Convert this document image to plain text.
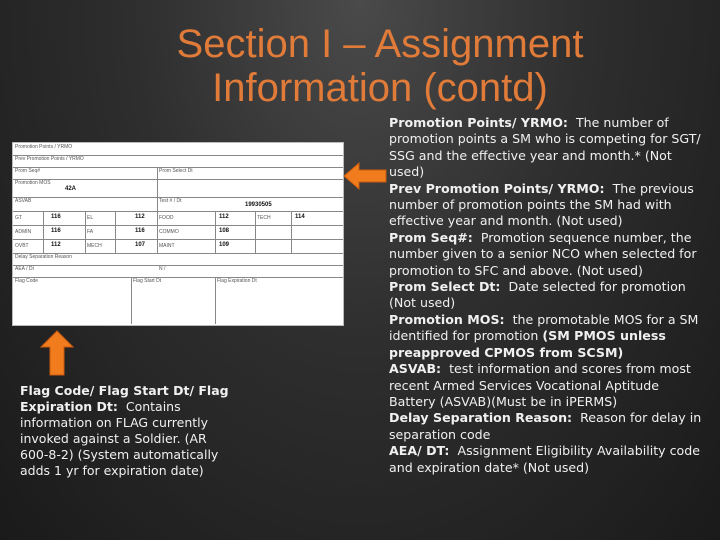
Section I – Assignment
Information (contd)
Promotion Points / YRMO
Prev Promotion Points / YRMO
Prom Seq#	Prom Select Dt
Promotion MOS
42A
ASVAB	Test # / Dt
19930505
GT	116	EL	112	FOOD	112	TECH	114
ADMIN	116	FA	116	COMMO	108
OVBT	112	MECH	107	MAINT	109
Delay Separation Reason
AEA / Dt	N /
Flag Code	Flag Start Dt	Flag Expiration Dt
Flag Code/ Flag Start Dt/ Flag Expiration Dt: Contains information on FLAG currently invoked against a Soldier. (AR 600-8-2) (System automatically adds 1 yr for expiration date)
Promotion Points/ YRMO: The number of promotion points a SM who is competing for SGT/ SSG and the effective year and month.* (Not used)
Prev Promotion Points/ YRMO: The previous number of promotion points the SM had with effective year and month. (Not used)
Prom Seq#: Promotion sequence number, the number given to a senior NCO when selected for promotion to SFC and above. (Not used)
Prom Select Dt: Date selected for promotion (Not used)
Promotion MOS: the promotable MOS for a SM identified for promotion (SM PMOS unless preapproved CPMOS from SCSM)
ASVAB: test information and scores from most recent Armed Services Vocational Aptitude Battery (ASVAB)(Must be in iPERMS)
Delay Separation Reason: Reason for delay in separation code
AEA/ DT: Assignment Eligibility Availability code and expiration date* (Not used)
